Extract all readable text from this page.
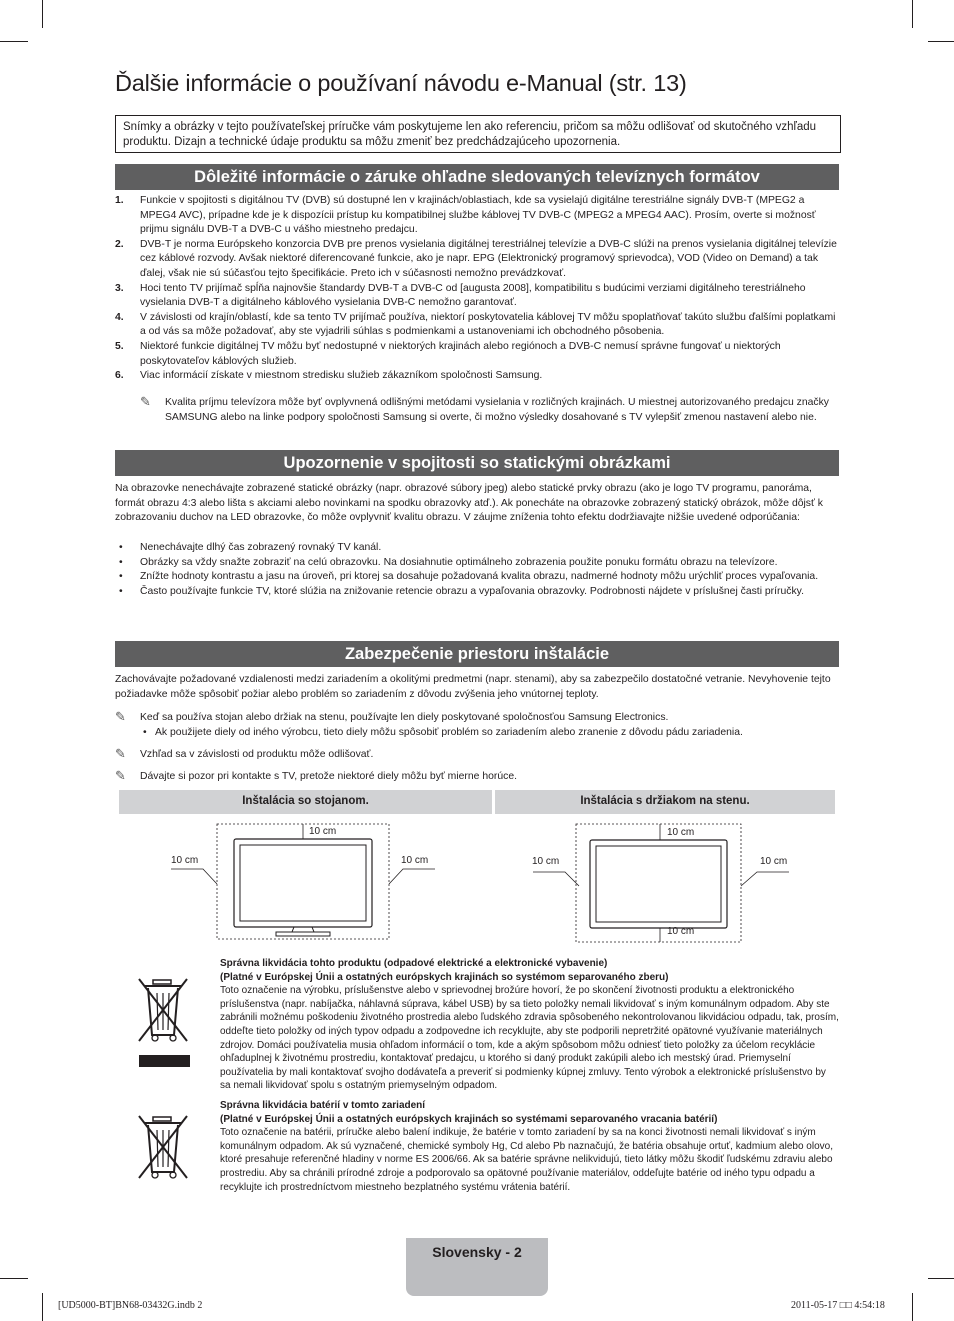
Ďalšie informácie o používaní návodu e-Manual (str. 13)
Snímky a obrázky v tejto používateľskej príručke vám poskytujeme len ako referenciu, pričom sa môžu odlišovať od skutočného vzhľadu produktu. Dizajn a technické údaje produktu sa môžu zmeniť bez predchádzajúceho upozornenia.
Dôležité informácie o záruke ohľadne sledovaných televíznych formátov
1. Funkcie v spojitosti s digitálnou TV (DVB) sú dostupné len v krajinách/oblastiach, kde sa vysielajú digitálne terestriálne signály DVB-T (MPEG2 a MPEG4 AVC), prípadne kde je k dispozícii prístup ku kompatibilnej službe káblovej TV DVB-C (MPEG2 a MPEG4 AAC). Prosím, overte si možnosť prijmu signálu DVB-T a DVB-C u vášho miestneho predajcu.
2. DVB-T je norma Európskeho konzorcia DVB pre prenos vysielania digitálnej terestriálnej televízie a DVB-C slúži na prenos vysielania digitálnej televízie cez káblové rozvody. Avšak niektoré diferencované funkcie, ako je napr. EPG (Elektronický programový sprievodca), VOD (Video on Demand) a tak ďalej, však nie sú súčasťou tejto špecifikácie. Preto ich v súčasnosti nemožno prevádzkovať.
3. Hoci tento TV prijímač spĺňa najnovšie štandardy DVB-T a DVB-C od [augusta 2008], kompatibilitu s budúcimi verziami digitálneho terestriálneho vysielania DVB-T a digitálneho káblového vysielania DVB-C nemožno garantovať.
4. V závislosti od krajín/oblastí, kde sa tento TV prijímač používa, niektorí poskytovatelia káblovej TV môžu spoplatňovať takúto službu ďalšími poplatkami a od vás sa môže požadovať, aby ste vyjadrili súhlas s podmienkami a ustanoveniami ich obchodného pôsobenia.
5. Niektoré funkcie digitálnej TV môžu byť nedostupné v niektorých krajinách alebo regiónoch a DVB-C nemusí správne fungovať u niektorých poskytovateľov káblových služieb.
6. Viac informácií získate v miestnom stredisku služieb zákazníkom spoločnosti Samsung.
✎ Kvalita príjmu televízora môže byť ovplyvnená odlišnými metódami vysielania v rozličných krajinách. U miestnej autorizovaného predajcu značky SAMSUNG alebo na linke podpory spoločnosti Samsung si overte, či možno výsledky dosahované s TV vylepšiť zmenou nastavení alebo nie.
Upozornenie v spojitosti so statickými obrázkami

Na obrazovke nenechávajte zobrazené statické obrázky (napr. obrazové súbory jpeg) alebo statické prvky obrazu (ako je logo TV programu, panoráma, formát obrazu 4:3 alebo lišta s akciami alebo novinkami na spodku obrazovky atď.). Ak ponecháte na obrazovke zobrazený statický obrázok, môže dôjsť k zobrazovaniu duchov na LED obrazovke, čo môže ovplyvniť kvalitu obrazu. V záujme zníženia tohto efektu dodržiavajte nižšie uvedené odporúčania:

• Nenechávajte dlhý čas zobrazený rovnaký TV kanál.
• Obrázky sa vždy snažte zobraziť na celú obrazovku. Na dosiahnutie optimálneho zobrazenia použite ponuku formátu obrazu na televízore.
• Znížte hodnoty kontrastu a jasu na úroveň, pri ktorej sa dosahuje požadovaná kvalita obrazu, nadmerné hodnoty môžu urýchliť proces vypaľovania.
• Často používajte funkcie TV, ktoré slúžia na znižovanie retencie obrazu a vypaľovania obrazovky. Podrobnosti nájdete v príslušnej časti príručky.
Zabezpečenie priestoru inštalácie

Zachovávajte požadované vzdialenosti medzi zariadením a okolitými predmetmi (napr. stenami), aby sa zabezpečilo dostatočné vetranie. Nevyhovenie tejto požiadavke môže spôsobiť požiar alebo problém so zariadením z dôvodu zvýšenia jeho vnútornej teploty.

✎ Keď sa používa stojan alebo držiak na stenu, používajte len diely poskytované spoločnosťou Samsung Electronics.
• Ak použijete diely od iného výrobcu, tieto diely môžu spôsobiť problém so zariadením alebo zranenie z dôvodu pádu zariadenia.
✎ Vzhľad sa v závislosti od produktu môže odlišovať.
✎ Dávajte si pozor pri kontakte s TV, pretože niektoré diely môžu byť mierne horúce.
Inštalácia so stojanom.	Inštalácia s držiakom na stenu.
10 cm
10 cm	10 cm
10 cm
10 cm	10 cm
10 cm
Správna likvidácia tohto produktu (odpadové elektrické a elektronické vybavenie)
(Platné v Európskej Únii a ostatných európskych krajinách so systémom separovaného zberu)
Toto označenie na výrobku, príslušenstve alebo v sprievodnej brožúre hovorí, že po skončení životnosti produktu a elektronického príslušenstva (napr. nabíjačka, náhlavná súprava, kábel USB) by sa tieto položky nemali likvidovať s iným komunálnym odpadom. Aby ste zabránili možnému poškodeniu životného prostredia alebo ľudského zdravia spôsobeného nekontrolovanou likvidáciou odpadu, tak, prosím, oddeľte tieto položky od iných typov odpadu a zodpovedne ich recyklujte, aby ste podporili nepretržité opätovné využívanie materiálnych zdrojov. Domáci používatelia musia ohľadom informácií o tom, kde a akým spôsobom môžu odniesť tieto položky za účelom recyklácie ohľaduplnej k životnému prostrediu, kontaktovať predajcu, u ktorého si daný produkt zakúpili alebo ich mestský úrad. Priemyselní používatelia by mali kontaktovať svojho dodávateľa a preveriť si podmienky kúpnej zmluvy. Tento výrobok a elektronické príslušenstvo by sa nemali likvidovať spolu s ostatným priemyselným odpadom.
Správna likvidácia batérií v tomto zariadení
(Platné v Európskej Únii a ostatných európskych krajinách so systémami separovaného vracania batérií)
Toto označenie na batérii, príručke alebo balení indikuje, že batérie v tomto zariadení by sa na konci životnosti nemali likvidovať s iným komunálnym odpadom. Ak sú vyznačené, chemické symboly Hg, Cd alebo Pb naznačujú, že batéria obsahuje ortuť, kadmium alebo olovo, ktoré presahuje referenčné hladiny v norme ES 2006/66. Ak sa batérie správne nelikvidujú, tieto látky môžu škodiť ľudskému zdraviu alebo prostrediu. Aby sa chránili prírodné zdroje a podporovalo sa opätovné používanie materiálov, oddeľujte batérie od iného typu odpadu a recyklujte ich prostredníctvom miestneho bezplatného systému vrátenia batérií.
Slovensky - 2
[UD5000-BT]BN68-03432G.indb 2	2011-05-17 □□ 4:54:18
